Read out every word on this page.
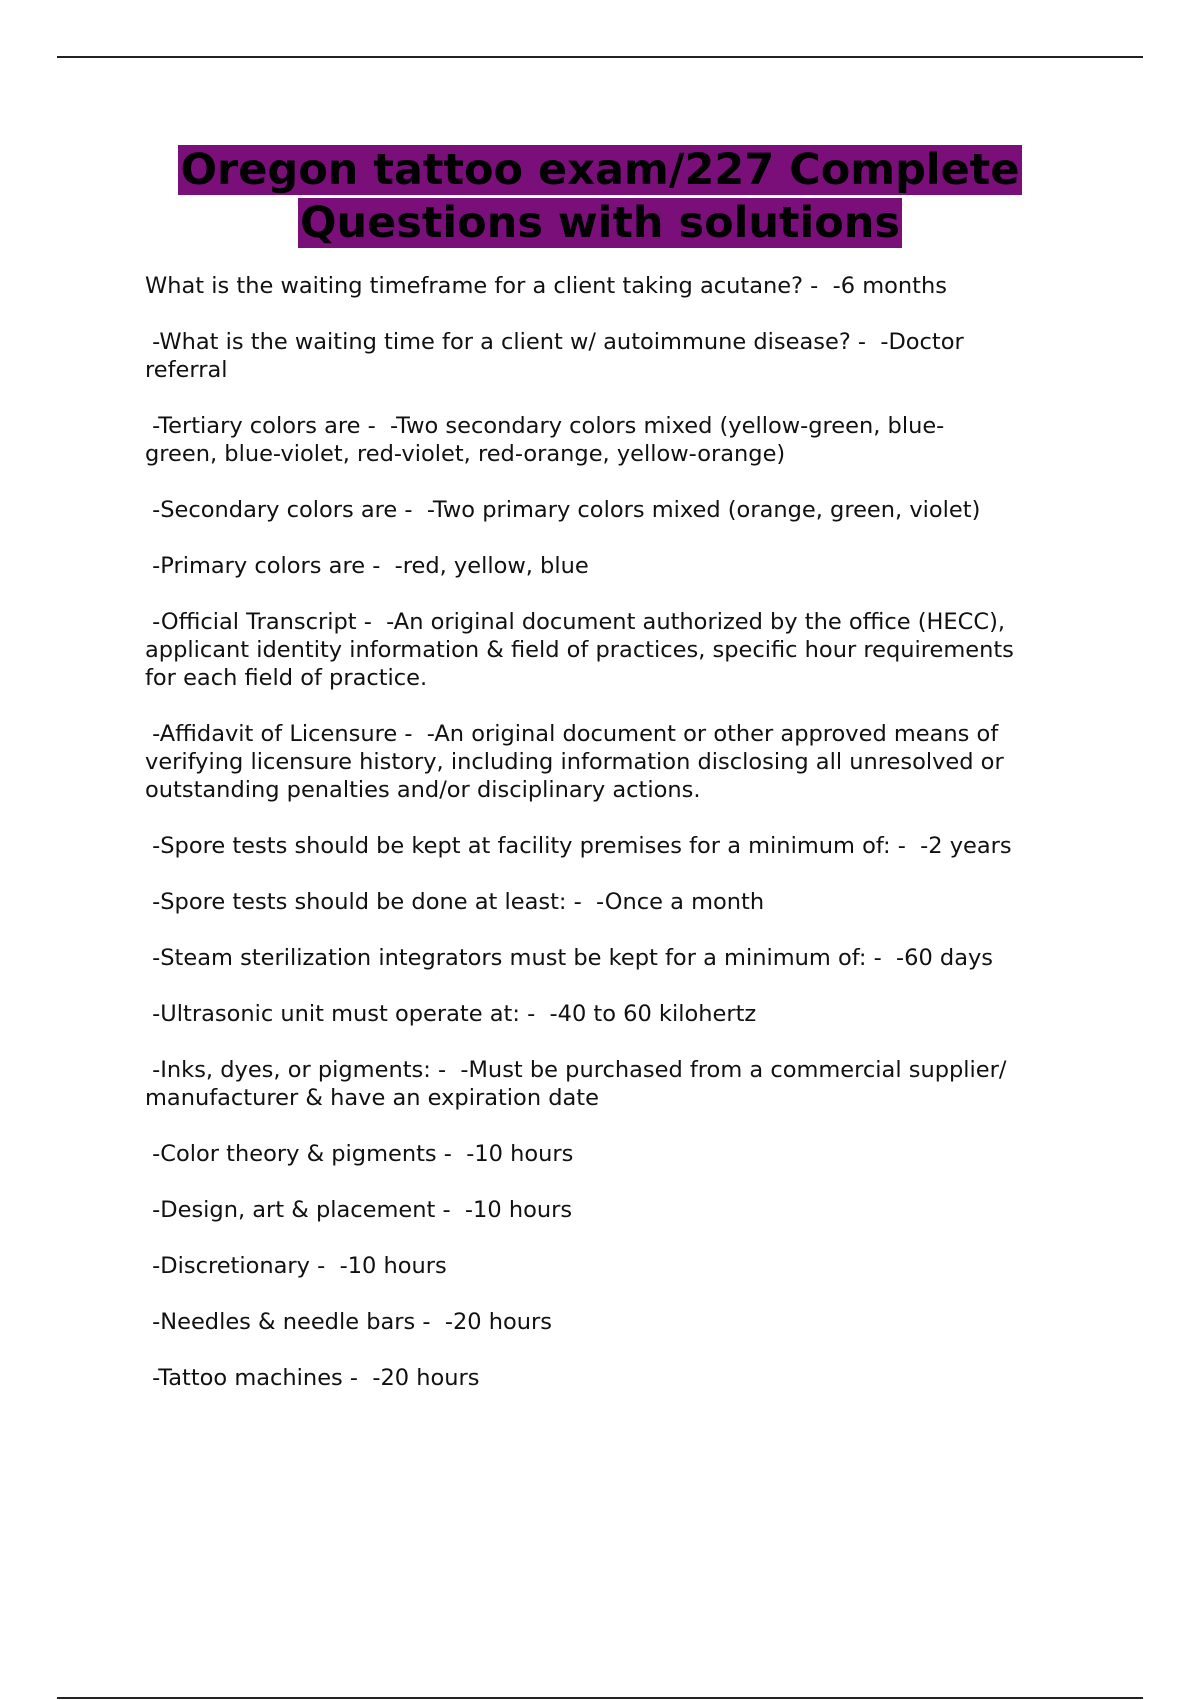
Oregon tattoo exam/227 Complete
Questions with solutions
What is the waiting timeframe for a client taking acutane? -  -6 months
-What is the waiting time for a client w/ autoimmune disease? -  -Doctor
referral
-Tertiary colors are -  -Two secondary colors mixed (yellow-green, blue-
green, blue-violet, red-violet, red-orange, yellow-orange)
-Secondary colors are -  -Two primary colors mixed (orange, green, violet)
-Primary colors are -  -red, yellow, blue
-Official Transcript -  -An original document authorized by the office (HECC),
applicant identity information & field of practices, specific hour requirements
for each field of practice.
-Affidavit of Licensure -  -An original document or other approved means of
verifying licensure history, including information disclosing all unresolved or
outstanding penalties and/or disciplinary actions.
-Spore tests should be kept at facility premises for a minimum of: -  -2 years
-Spore tests should be done at least: -  -Once a month
-Steam sterilization integrators must be kept for a minimum of: -  -60 days
-Ultrasonic unit must operate at: -  -40 to 60 kilohertz
-Inks, dyes, or pigments: -  -Must be purchased from a commercial supplier/
manufacturer & have an expiration date
-Color theory & pigments -  -10 hours
-Design, art & placement -  -10 hours
-Discretionary -  -10 hours
-Needles & needle bars -  -20 hours
-Tattoo machines -  -20 hours
